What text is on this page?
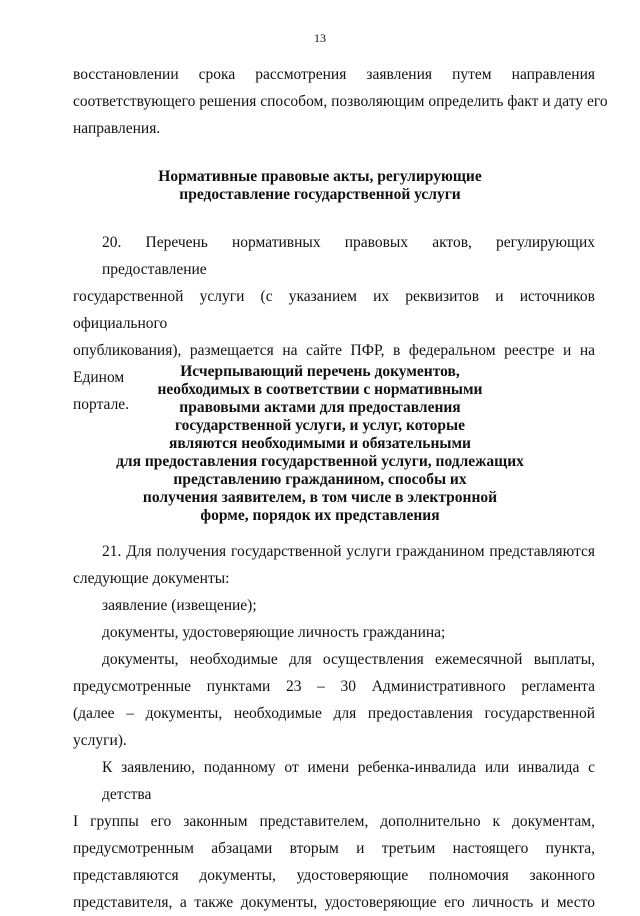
13
восстановлении срока рассмотрения заявления путем направления
соответствующего решения способом, позволяющим определить факт и дату его
направления.
Нормативные правовые акты, регулирующие
предоставление государственной услуги
20. Перечень нормативных правовых актов, регулирующих предоставление
государственной услуги (с указанием их реквизитов и источников официального
опубликования), размещается на сайте ПФР, в федеральном реестре и на Едином
портале.
Исчерпывающий перечень документов,
необходимых в соответствии с нормативными
правовыми актами для предоставления
государственной услуги, и услуг, которые
являются необходимыми и обязательными
для предоставления государственной услуги, подлежащих
представлению гражданином, способы их
получения заявителем, в том числе в электронной
форме, порядок их представления
21. Для получения государственной услуги гражданином представляются
следующие документы:
заявление (извещение);
документы, удостоверяющие личность гражданина;
документы, необходимые для осуществления ежемесячной выплаты,
предусмотренные пунктами 23 – 30 Административного регламента
(далее – документы, необходимые для предоставления государственной услуги).
К заявлению, поданному от имени ребенка-инвалида или инвалида с детства
I группы его законным представителем, дополнительно к документам,
предусмотренным абзацами вторым и третьим настоящего пункта,
представляются документы, удостоверяющие полномочия законного
представителя, а также документы, удостоверяющие его личность и место
